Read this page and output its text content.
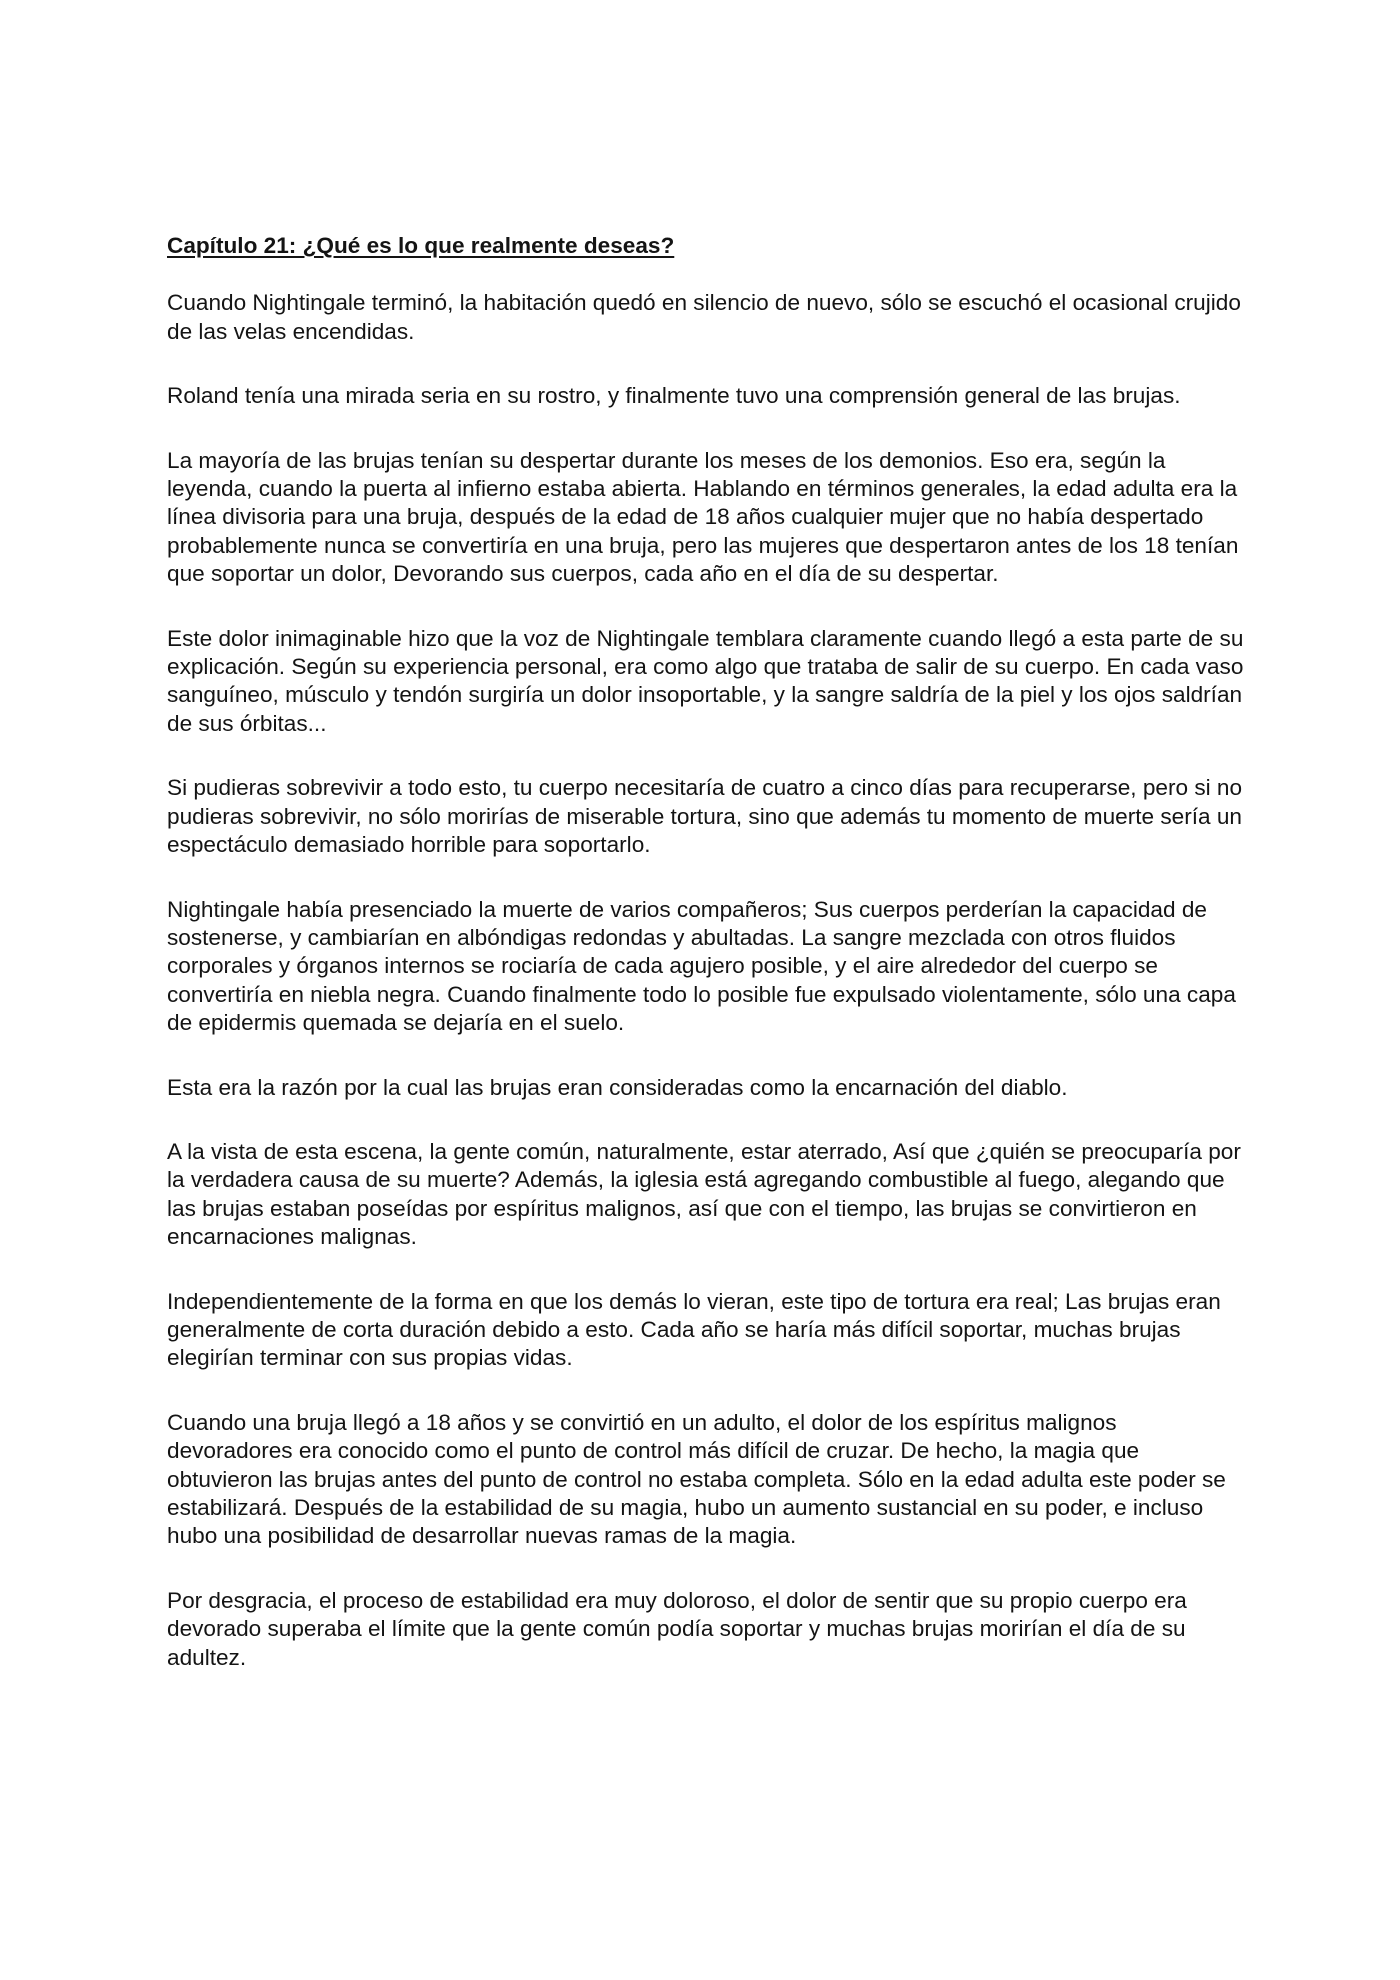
Capítulo 21: ¿Qué es lo que realmente deseas?

Cuando Nightingale terminó, la habitación quedó en silencio de nuevo, sólo se escuchó el ocasional crujido de las velas encendidas.

Roland tenía una mirada seria en su rostro, y finalmente tuvo una comprensión general de las brujas.

La mayoría de las brujas tenían su despertar durante los meses de los demonios. Eso era, según la leyenda, cuando la puerta al infierno estaba abierta. Hablando en términos generales, la edad adulta era la línea divisoria para una bruja, después de la edad de 18 años cualquier mujer que no había despertado probablemente nunca se convertiría en una bruja, pero las mujeres que despertaron antes de los 18 tenían que soportar un dolor, Devorando sus cuerpos, cada año en el día de su despertar.

Este dolor inimaginable hizo que la voz de Nightingale temblara claramente cuando llegó a esta parte de su explicación. Según su experiencia personal, era como algo que trataba de salir de su cuerpo. En cada vaso sanguíneo, músculo y tendón surgiría un dolor insoportable, y la sangre saldría de la piel y los ojos saldrían de sus órbitas...

Si pudieras sobrevivir a todo esto, tu cuerpo necesitaría de cuatro a cinco días para recuperarse, pero si no pudieras sobrevivir, no sólo morirías de miserable tortura, sino que además tu momento de muerte sería un espectáculo demasiado horrible para soportarlo.

Nightingale había presenciado la muerte de varios compañeros; Sus cuerpos perderían la capacidad de sostenerse, y cambiarían en albóndigas redondas y abultadas. La sangre mezclada con otros fluidos corporales y órganos internos se rociaría de cada agujero posible, y el aire alrededor del cuerpo se convertiría en niebla negra. Cuando finalmente todo lo posible fue expulsado violentamente, sólo una capa de epidermis quemada se dejaría en el suelo.

Esta era la razón por la cual las brujas eran consideradas como la encarnación del diablo.

A la vista de esta escena, la gente común, naturalmente, estar aterrado, Así que ¿quién se preocuparía por la verdadera causa de su muerte? Además, la iglesia está agregando combustible al fuego, alegando que las brujas estaban poseídas por espíritus malignos, así que con el tiempo, las brujas se convirtieron en encarnaciones malignas.

Independientemente de la forma en que los demás lo vieran, este tipo de tortura era real; Las brujas eran generalmente de corta duración debido a esto. Cada año se haría más difícil soportar, muchas brujas elegirían terminar con sus propias vidas.

Cuando una bruja llegó a 18 años y se convirtió en un adulto, el dolor de los espíritus malignos devoradores era conocido como el punto de control más difícil de cruzar. De hecho, la magia que obtuvieron las brujas antes del punto de control no estaba completa. Sólo en la edad adulta este poder se estabilizará. Después de la estabilidad de su magia, hubo un aumento sustancial en su poder, e incluso hubo una posibilidad de desarrollar nuevas ramas de la magia.

Por desgracia, el proceso de estabilidad era muy doloroso, el dolor de sentir que su propio cuerpo era devorado superaba el límite que la gente común podía soportar y muchas brujas morirían el día de su adultez.
